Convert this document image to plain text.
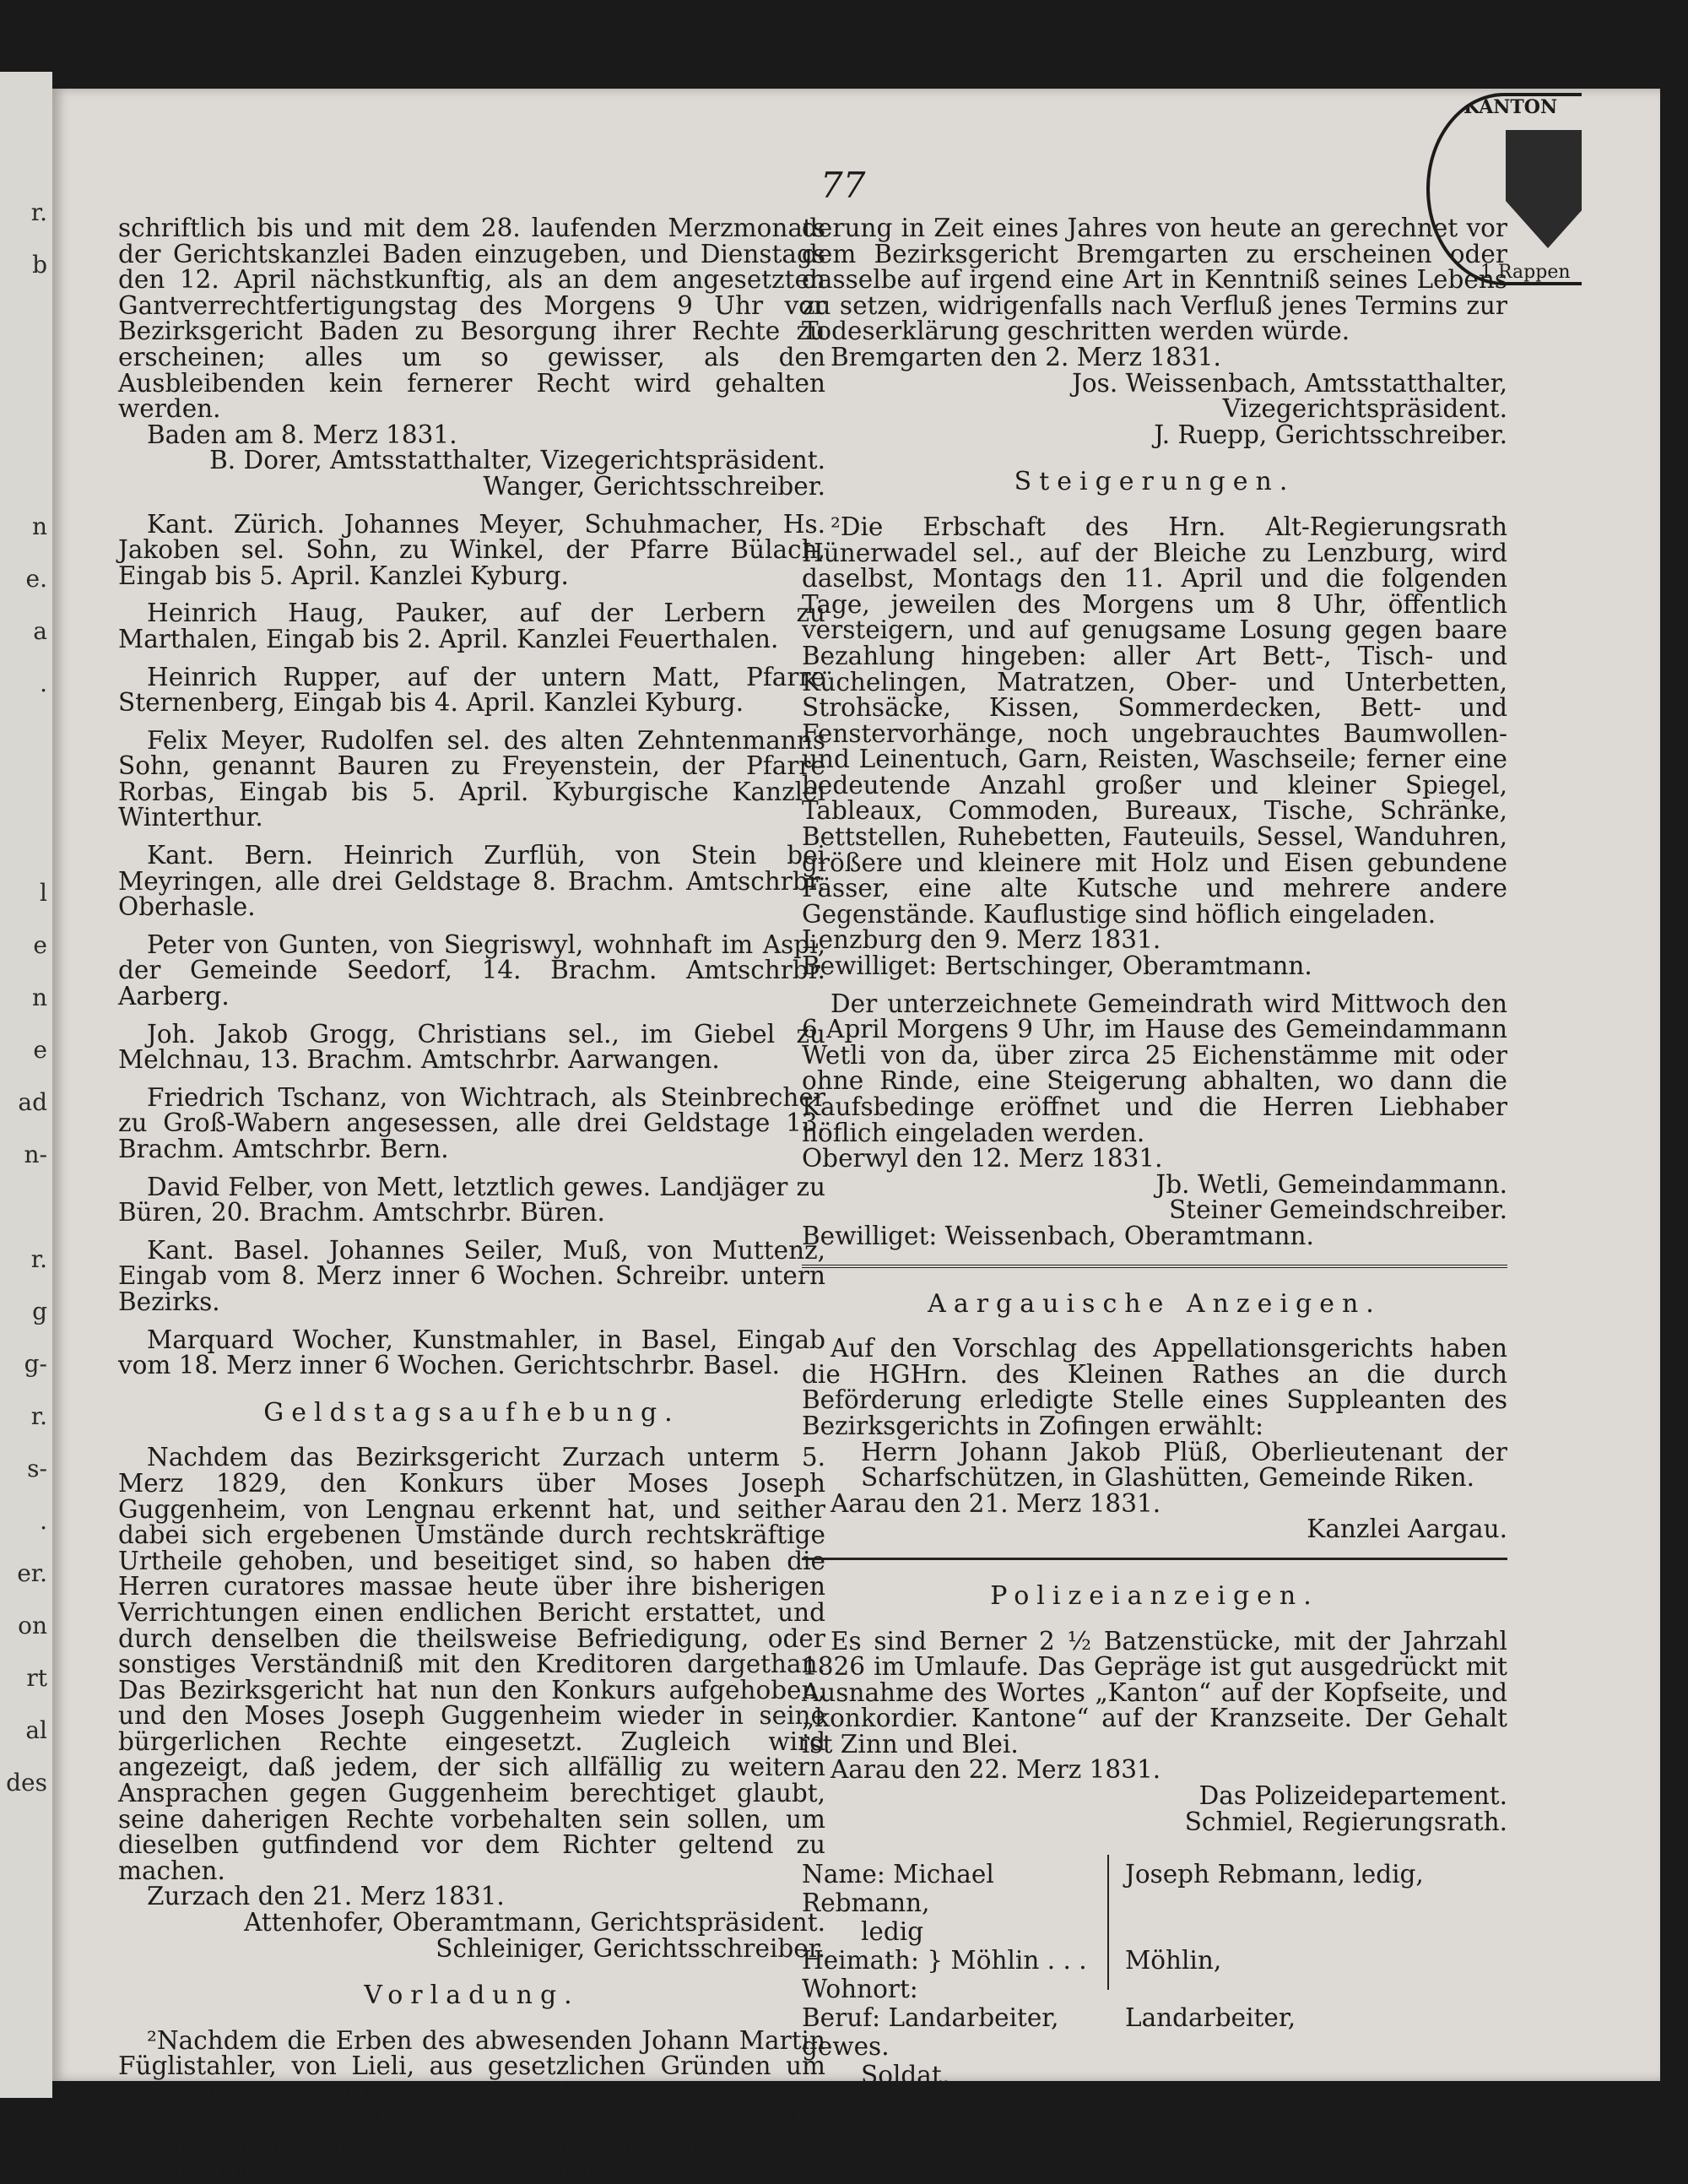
r.
b
n
e.
a
.
l
e
n
e
ad
n-
r.
g
g-
r.
s-
.
er.
on
rt
al
des
77

schriftlich bis und mit dem 28. laufenden Merzmonats der Gerichtskanzlei Baden einzugeben, und Dienstags den 12. April nächstkunftig, als an dem angesetzten Gantverrechtfertigungstag des Morgens 9 Uhr vor Bezirksgericht Baden zu Besorgung ihrer Rechte zu erscheinen; alles um so gewisser, als den Ausbleibenden kein fernerer Recht wird gehalten werden.

Baden am 8. Merz 1831.

B. Dorer, Amtsstatthalter, Vizegerichtspräsident.

Wanger, Gerichtsschreiber.

Kant. Zürich. Johannes Meyer, Schuhmacher, Hs. Jakoben sel. Sohn, zu Winkel, der Pfarre Bülach, Eingab bis 5. April. Kanzlei Kyburg.

Heinrich Haug, Pauker, auf der Lerbern zu Marthalen, Eingab bis 2. April. Kanzlei Feuerthalen.

Heinrich Rupper, auf der untern Matt, Pfarre Sternenberg, Eingab bis 4. April. Kanzlei Kyburg.

Felix Meyer, Rudolfen sel. des alten Zehntenmanns Sohn, genannt Bauren zu Freyenstein, der Pfarre Rorbas, Eingab bis 5. April. Kyburgische Kanzlei Winterthur.

Kant. Bern. Heinrich Zurflüh, von Stein bei Meyringen, alle drei Geldstage 8. Brachm. Amtschrbr. Oberhasle.

Peter von Gunten, von Siegriswyl, wohnhaft im Aspi, der Gemeinde Seedorf, 14. Brachm. Amtschrbr. Aarberg.

Joh. Jakob Grogg, Christians sel., im Giebel zu Melchnau, 13. Brachm. Amtschrbr. Aarwangen.

Friedrich Tschanz, von Wichtrach, als Steinbrecher zu Groß-Wabern angesessen, alle drei Geldstage 13. Brachm. Amtschrbr. Bern.

David Felber, von Mett, letztlich gewes. Landjäger zu Büren, 20. Brachm. Amtschrbr. Büren.

Kant. Basel. Johannes Seiler, Muß, von Muttenz, Eingab vom 8. Merz inner 6 Wochen. Schreibr. untern Bezirks.

Marquard Wocher, Kunstmahler, in Basel, Eingab vom 18. Merz inner 6 Wochen. Gerichtschrbr. Basel.

Geldstagsaufhebung.

Nachdem das Bezirksgericht Zurzach unterm 5. Merz 1829, den Konkurs über Moses Joseph Guggenheim, von Lengnau erkennt hat, und seither dabei sich ergebenen Umstände durch rechtskräftige Urtheile gehoben, und beseitiget sind, so haben die Herren curatores massae heute über ihre bisherigen Verrichtungen einen endlichen Bericht erstattet, und durch denselben die theilsweise Befriedigung, oder sonstiges Verständniß mit den Kreditoren dargethan. Das Bezirksgericht hat nun den Konkurs aufgehoben, und den Moses Joseph Guggenheim wieder in seine bürgerlichen Rechte eingesetzt. Zugleich wird angezeigt, daß jedem, der sich allfällig zu weitern Ansprachen gegen Guggenheim berechtiget glaubt, seine daherigen Rechte vorbehalten sein sollen, um dieselben gutfindend vor dem Richter geltend zu machen.

Zurzach den 21. Merz 1831.

Attenhofer, Oberamtmann, Gerichtspräsident.

Schleiniger, Gerichtsschreiber.

Vorladung.

²Nachdem die Erben des abwesenden Johann Martin Füglistahler, von Lieli, aus gesetzlichen Gründen um die Todeserklärung desselben nachgesucht, so hat das Bezirksgericht die Ediktalvorladung beschlossen. Es ergeht demnach an den gedachten Joh. Martin Füglistahler die peremtorische Auffor-

derung in Zeit eines Jahres von heute an gerechnet vor dem Bezirksgericht Bremgarten zu erscheinen oder dasselbe auf irgend eine Art in Kenntniß seines Lebens zu setzen, widrigenfalls nach Verfluß jenes Termins zur Todeserklärung geschritten werden würde.

Bremgarten den 2. Merz 1831.

Jos. Weissenbach, Amtsstatthalter, Vizegerichtspräsident.

J. Ruepp, Gerichtsschreiber.

Steigerungen.

²Die Erbschaft des Hrn. Alt-Regierungsrath Hünerwadel sel., auf der Bleiche zu Lenzburg, wird daselbst, Montags den 11. April und die folgenden Tage, jeweilen des Morgens um 8 Uhr, öffentlich versteigern, und auf genugsame Losung gegen baare Bezahlung hingeben: aller Art Bett-, Tisch- und Küchelingen, Matratzen, Ober- und Unterbetten, Strohsäcke, Kissen, Sommerdecken, Bett- und Fenstervorhänge, noch ungebrauchtes Baumwollen- und Leinentuch, Garn, Reisten, Waschseile; ferner eine bedeutende Anzahl großer und kleiner Spiegel, Tableaux, Commoden, Bureaux, Tische, Schränke, Bettstellen, Ruhebetten, Fauteuils, Sessel, Wanduhren, größere und kleinere mit Holz und Eisen gebundene Fässer, eine alte Kutsche und mehrere andere Gegenstände. Kauflustige sind höflich eingeladen.

Lenzburg den 9. Merz 1831.

Bewilliget: Bertschinger, Oberamtmann.

Der unterzeichnete Gemeindrath wird Mittwoch den 6 April Morgens 9 Uhr, im Hause des Gemeindammann Wetli von da, über zirca 25 Eichenstämme mit oder ohne Rinde, eine Steigerung abhalten, wo dann die Kaufsbedinge eröffnet und die Herren Liebhaber höflich eingeladen werden.

Oberwyl den 12. Merz 1831.

Jb. Wetli, Gemeindammann.

Steiner Gemeindschreiber.

Bewilliget: Weissenbach, Oberamtmann.

Aargauische Anzeigen.

Auf den Vorschlag des Appellationsgerichts haben die HGHrn. des Kleinen Rathes an die durch Beförderung erledigte Stelle eines Suppleanten des Bezirksgerichts in Zofingen erwählt:

Herrn Johann Jakob Plüß, Oberlieutenant der Scharfschützen, in Glashütten, Gemeinde Riken.

Aarau den 21. Merz 1831.

Kanzlei Aargau.

Polizeianzeigen.

Es sind Berner 2 ½ Batzenstücke, mit der Jahrzahl 1826 im Umlaufe. Das Gepräge ist gut ausgedrückt mit Ausnahme des Wortes „Kanton“ auf der Kopfseite, und „konkordier. Kantone“ auf der Kranzseite. Der Gehalt ist Zinn und Blei.

Aarau den 22. Merz 1831.

Das Polizeidepartement.

Schmiel, Regierungsrath.

Name: Michael Rebmann,
Joseph Rebmann, ledig,
ledig
Heimath: } Möhlin . . .	Möhlin,
Wohnort:
Beruf: Landarbeiter, gewes.
Landarbeiter,
Soldat,
KANTON
1 Rappen
